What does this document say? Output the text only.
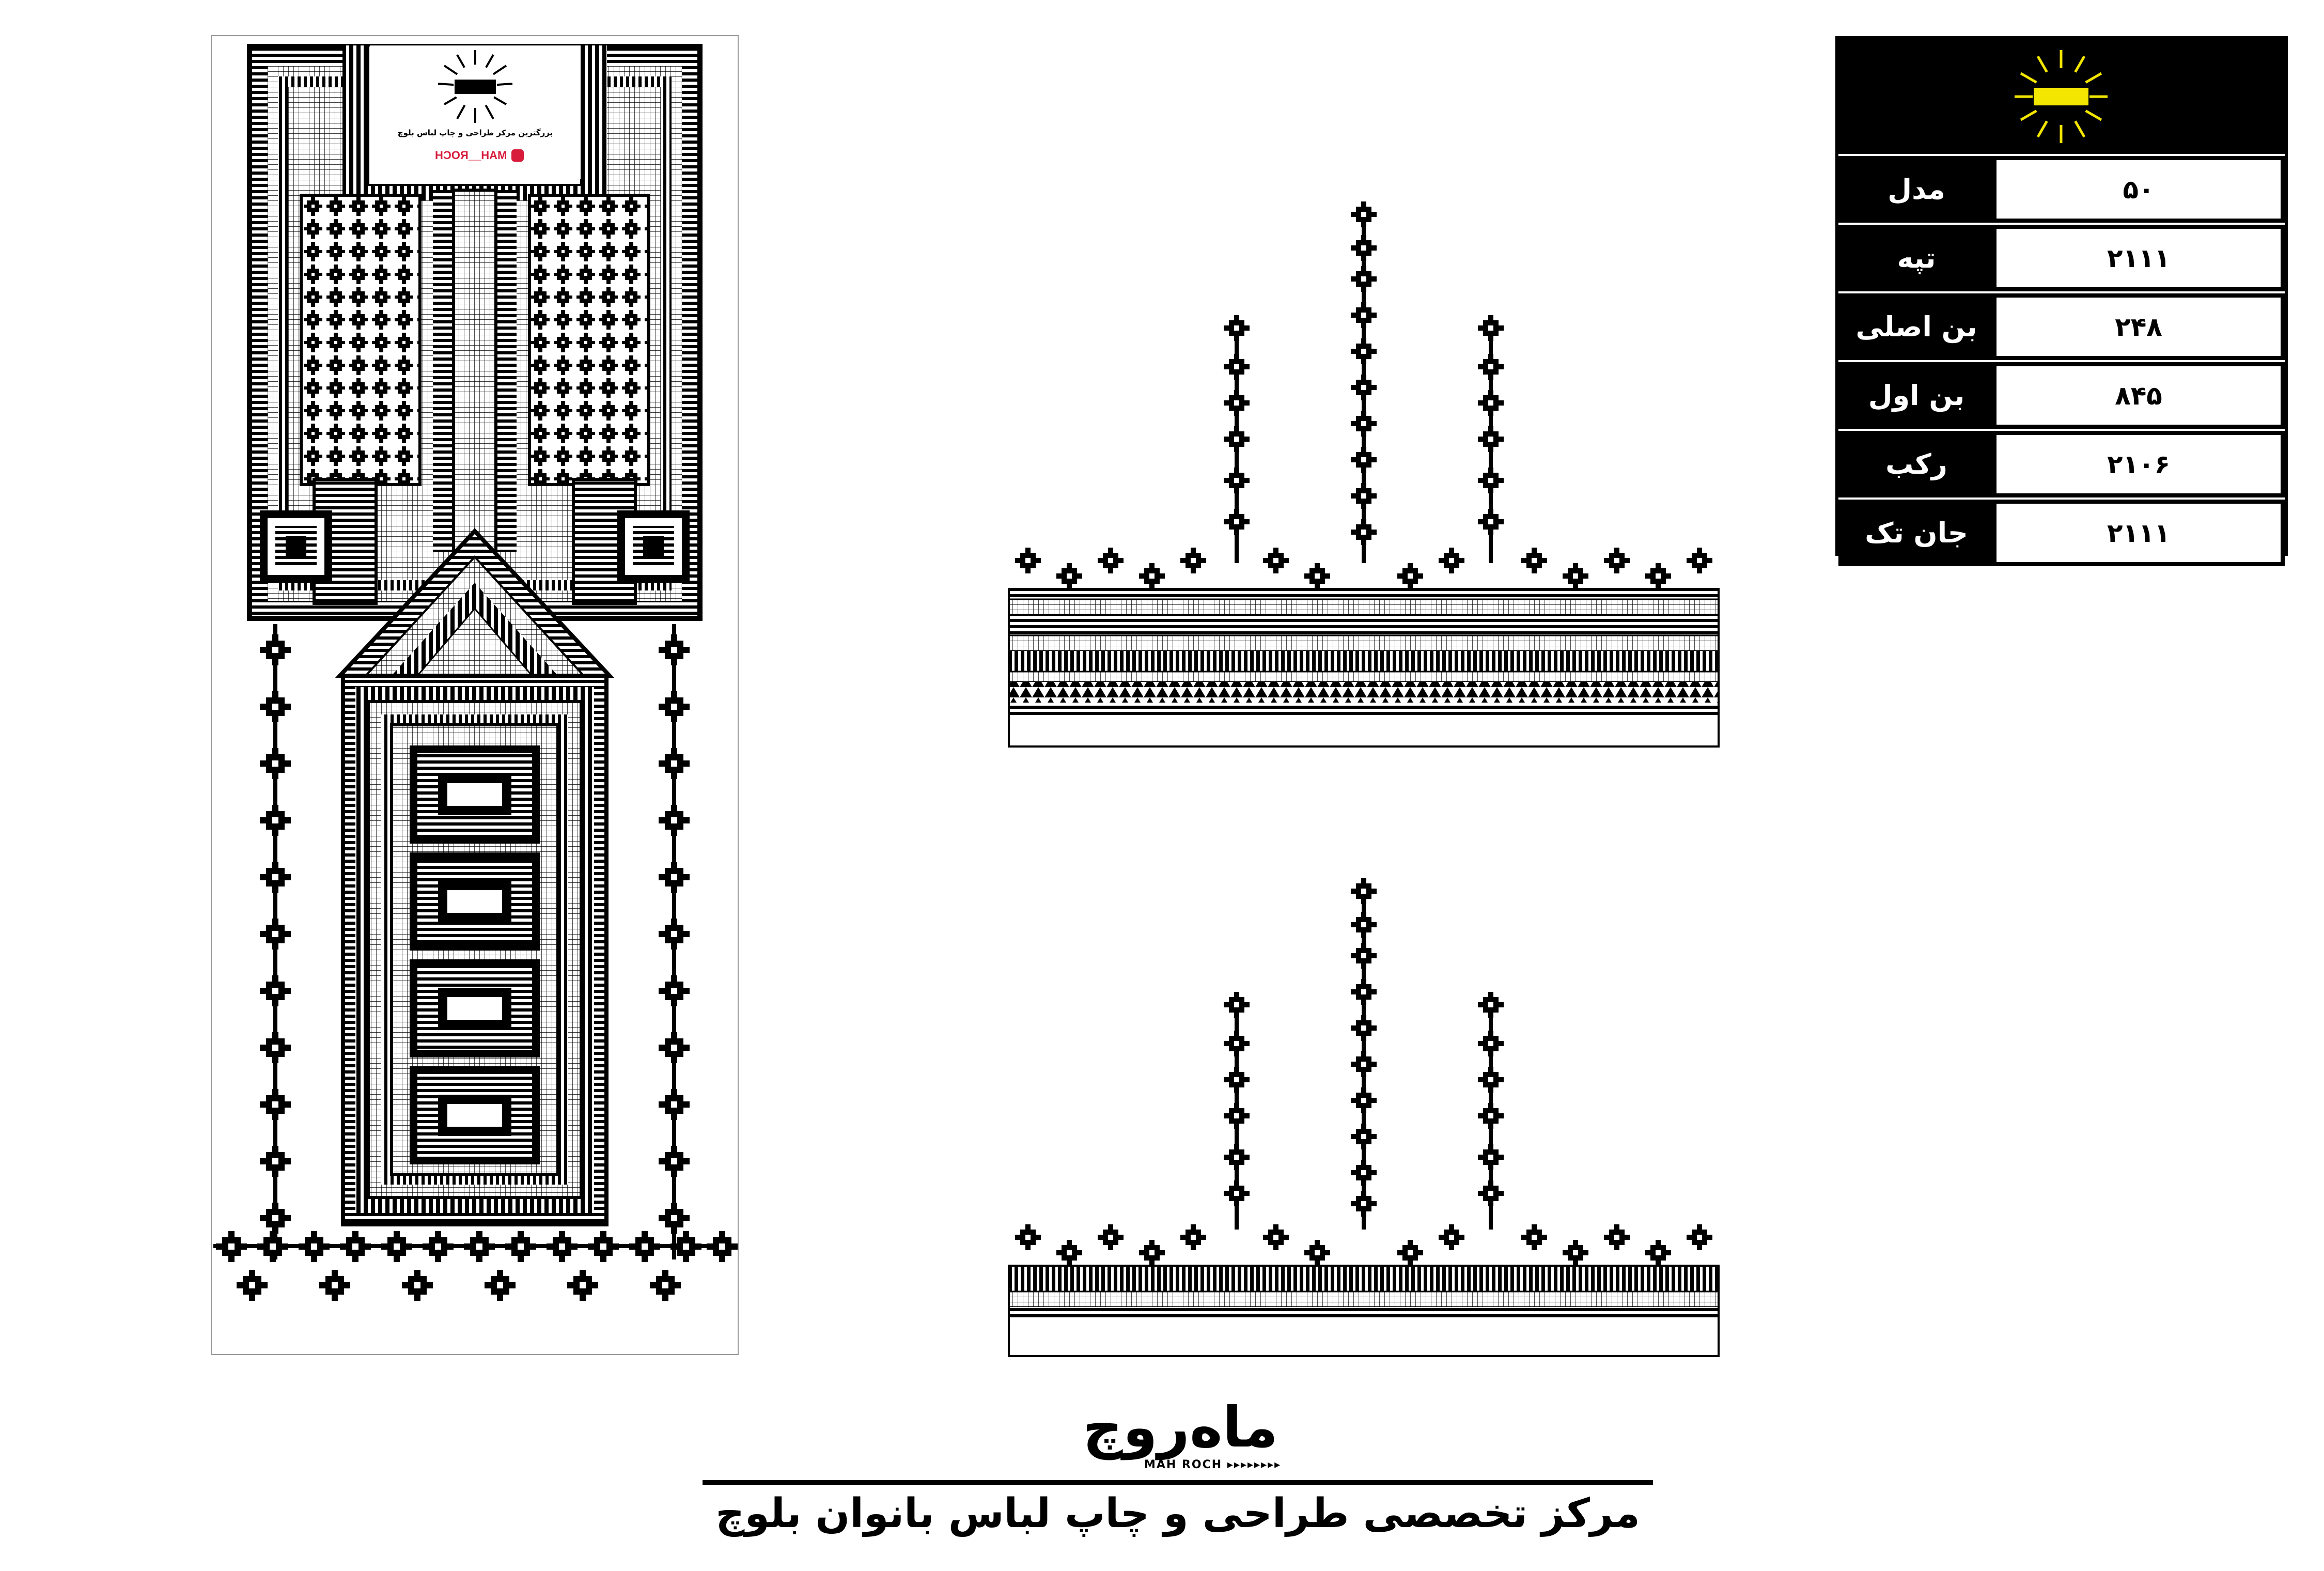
بزرگترین مرکز طراحی و چاپ لباس بلوچ
MAH__ROCH
ماه‌روچ
مدل	۵۰
تپه	۲۱۱۱
بن اصلی	۲۴۸
بن اول	۸۴۵
رکب	۲۱۰۶
جان تک	۲۱۱۱
ماه‌روچ
MAH ROCH ▸▸▸▸▸▸▸▸
مرکز تخصصی طراحی و چاپ لباس بانوان بلوچ
